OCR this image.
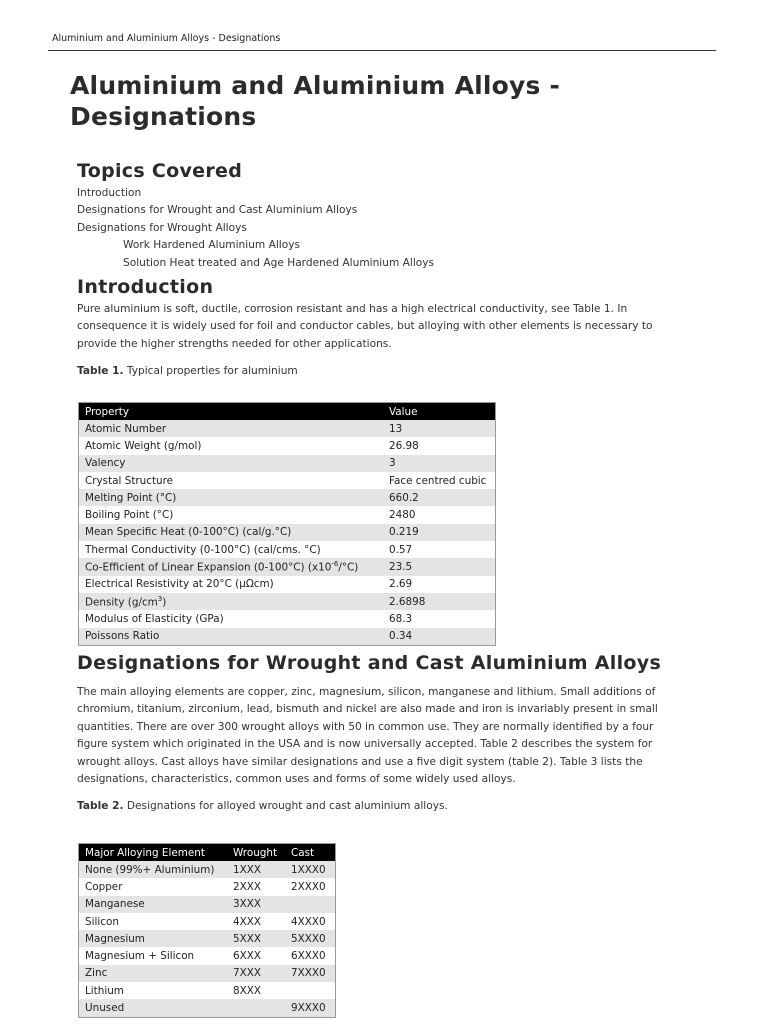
Aluminium and Aluminium Alloys - Designations
Aluminium and Aluminium Alloys - Designations
Topics Covered
Introduction
Designations for Wrought and Cast Aluminium Alloys
Designations for Wrought Alloys
Work Hardened Aluminium Alloys
Solution Heat treated and Age Hardened Aluminium Alloys
Introduction

Pure aluminium is soft, ductile, corrosion resistant and has a high electrical conductivity, see Table 1. In consequence it is widely used for foil and conductor cables, but alloying with other elements is necessary to provide the higher strengths needed for other applications.

Table 1. Typical properties for aluminium

Property	Value
Atomic Number	13
Atomic Weight (g/mol)	26.98
Valency	3
Crystal Structure	Face centred cubic
Melting Point (°C)	660.2
Boiling Point (°C)	2480
Mean Specific Heat (0-100°C) (cal/g.°C)	0.219
Thermal Conductivity (0-100°C) (cal/cms. °C)	0.57
Co-Efficient of Linear Expansion (0-100°C) $(x10^{-6}/^\circ C)$	23.5
Electrical Resistivity at 20°C (µΩcm)	2.69
Density $(g/cm^3)$	2.6898
Modulus of Elasticity (GPa)	68.3
Poissons Ratio	0.34
Designations for Wrought and Cast Aluminium Alloys

The main alloying elements are copper, zinc, magnesium, silicon, manganese and lithium. Small additions of chromium, titanium, zirconium, lead, bismuth and nickel are also made and iron is invariably present in small quantities. There are over 300 wrought alloys with 50 in common use. They are normally identified by a four figure system which originated in the USA and is now universally accepted. Table 2 describes the system for wrought alloys. Cast alloys have similar designations and use a five digit system (table 2). Table 3 lists the designations, characteristics, common uses and forms of some widely used alloys.

Table 2. Designations for alloyed wrought and cast aluminium alloys.

Major Alloying Element	Wrought	Cast
None (99%+ Aluminium)	1XXX	1XXX0
Copper	2XXX	2XXX0
Manganese	3XXX	
Silicon	4XXX	4XXX0
Magnesium	5XXX	5XXX0
Magnesium + Silicon	6XXX	6XXX0
Zinc	7XXX	7XXX0
Lithium	8XXX	
Unused		9XXX0
